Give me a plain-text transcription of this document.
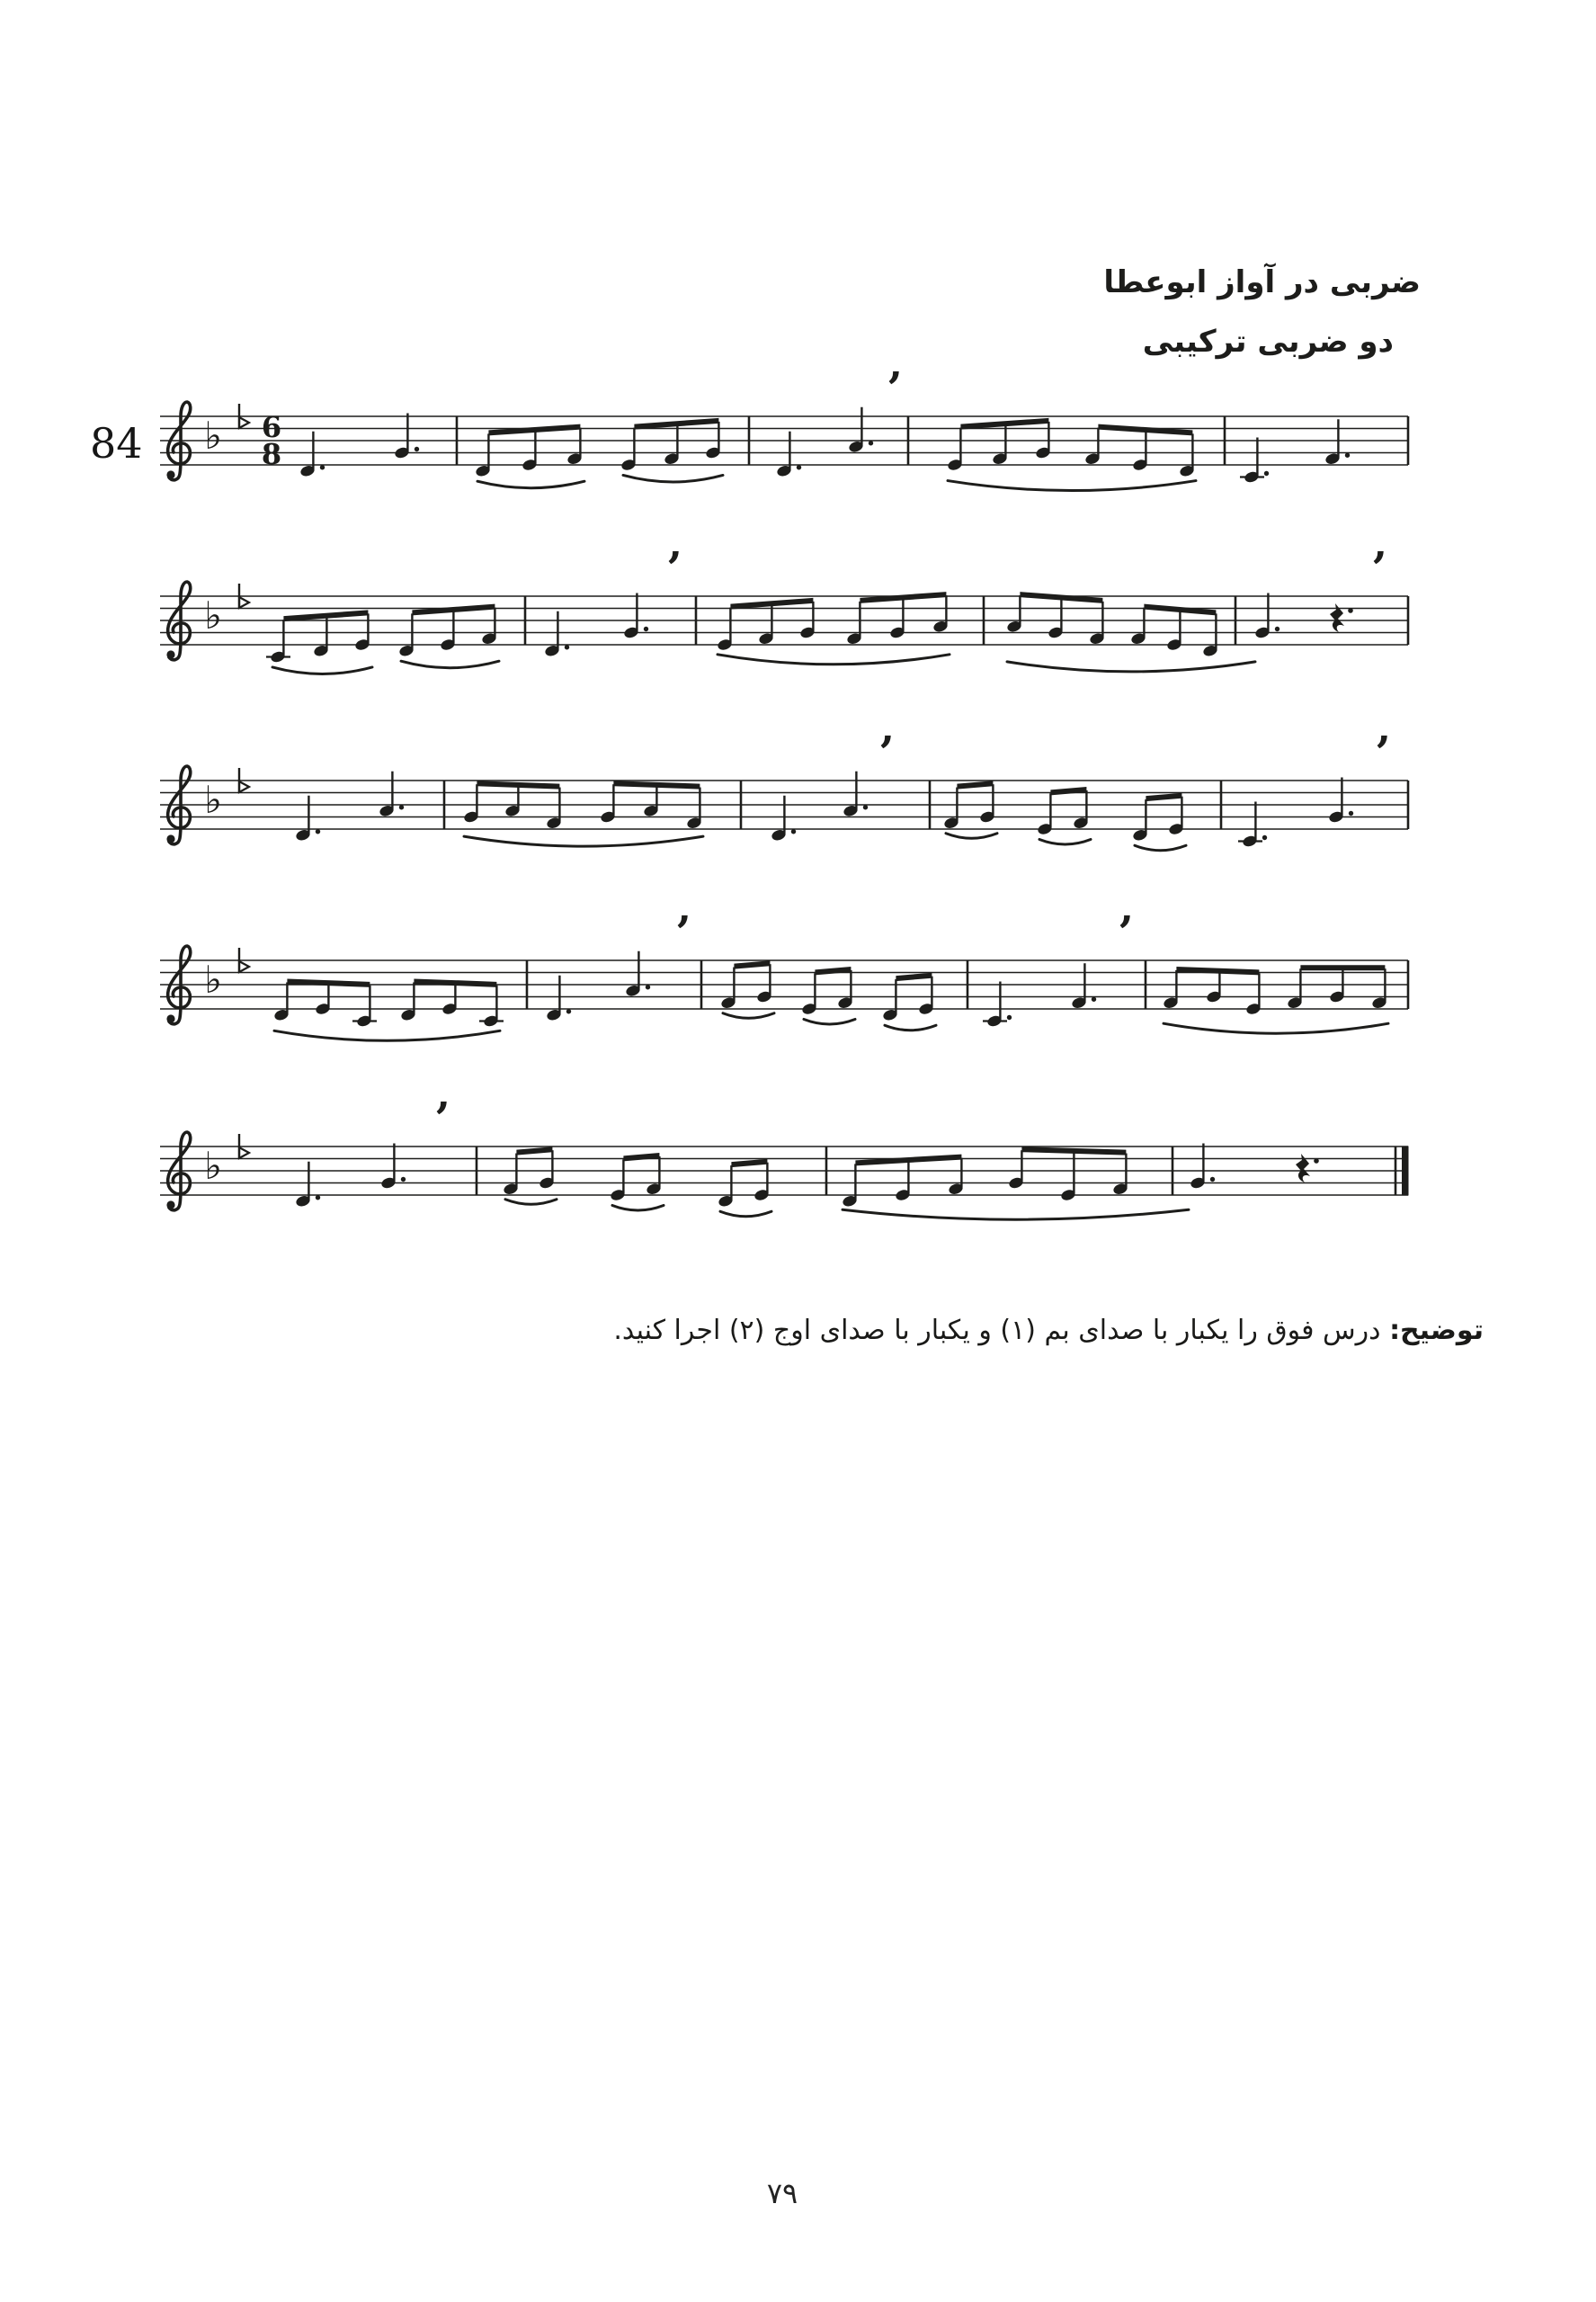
ضربی در آواز ابوعطا
دو ضربی ترکیبی
84 ♭ 6
8
’
♭
’	’
♭
’	’
♭
’	’
♭
’
توضیح: درس فوق را یکبار با صدای بم (۱) و یکبار با صدای اوج (۲) اجرا کنید.
٧٩
